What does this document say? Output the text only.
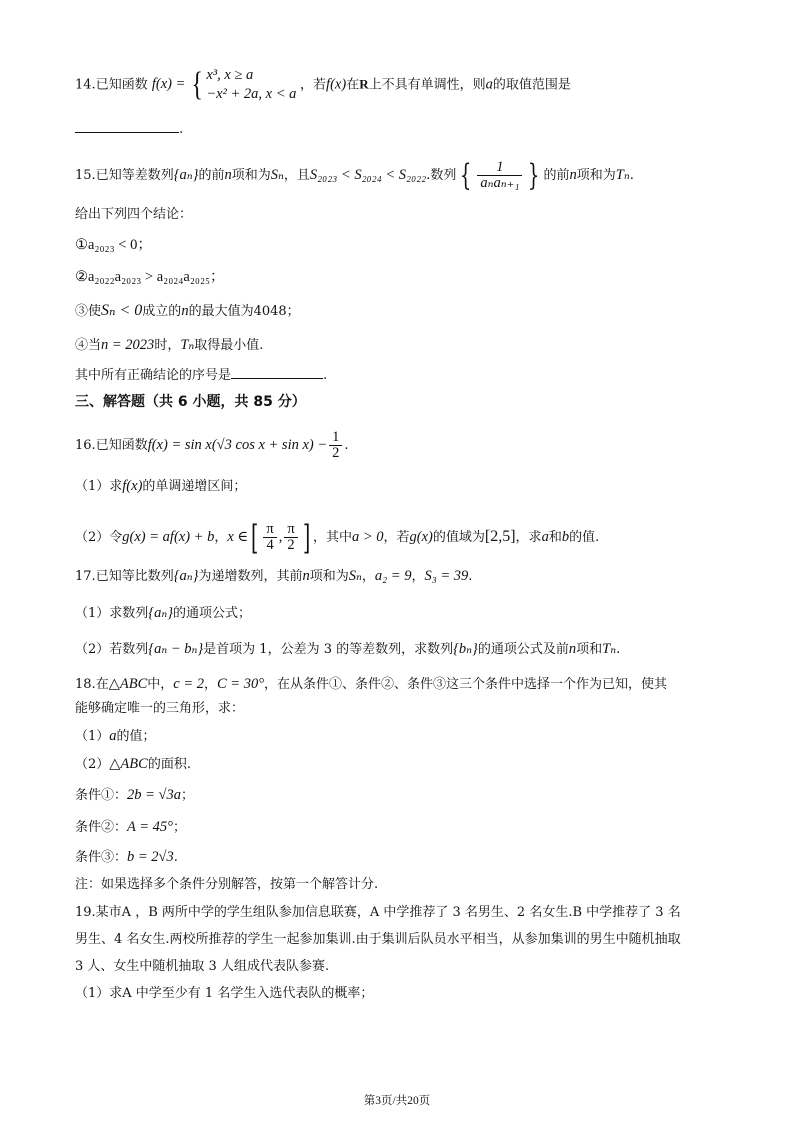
14.已知函数 f(x) = { x³, x ≥ a
−x² + 2a, x < a
，若f(x)在R上不具有单调性，则a的取值范围是
.
15.已知等差数列{aₙ}的前n项和为Sₙ，且S₂₀₂₃ < S₂₀₂₄ < S₂₀₂₂.数列 { $\frac{1}{\text{aₙaₙ₊₁}}$ } 的前n项和为Tₙ.
给出下列四个结论：
①a₂₀₂₃ < 0；
②a₂₀₂₂a₂₀₂₃ > a₂₀₂₄a₂₀₂₅；
③使Sₙ < 0成立的n的最大值为4048；
④当n = 2023时，Tₙ取得最小值.
其中所有正确结论的序号是	.
三、解答题（共 6 小题，共 85 分）
16.已知函数f(x) = sin x(√3 $\cos x + \sin x) - \frac{1}{2}$ .
（1）求f(x)的单调递增区间；
（2）令g(x) = af(x) + b，x ∈[ $\frac{\pi}{4}$ , $\frac{\pi}{2}$ ] ，其中a > 0，若g(x)的值域为[2,5]，求a和b的值.
17.已知等比数列{aₙ}为递增数列，其前n项和为Sₙ，a₂ = 9，S₃ = 39.
（1）求数列{aₙ}的通项公式；
（2）若数列{aₙ − bₙ}是首项为 1，公差为 3 的等差数列，求数列{bₙ}的通项公式及前n项和Tₙ.
18.在△ABC中，c = 2，C = 30°，在从条件①、条件②、条件③这三个条件中选择一个作为已知，使其
能够确定唯一的三角形，求：
（1）a的值；
（2）△ABC的面积.
条件①：2b = √3a；
条件②：A = 45°；
条件③：b = 2√3.
注：如果选择多个条件分别解答，按第一个解答计分.
19.某市A ，B 两所中学的学生组队参加信息联赛，A 中学推荐了 3 名男生、2 名女生.B 中学推荐了 3 名
男生、4 名女生.两校所推荐的学生一起参加集训.由于集训后队员水平相当，从参加集训的男生中随机抽取
3 人、女生中随机抽取 3 人组成代表队参赛.
（1）求A 中学至少有 1 名学生入选代表队的概率；
第3页/共20页
